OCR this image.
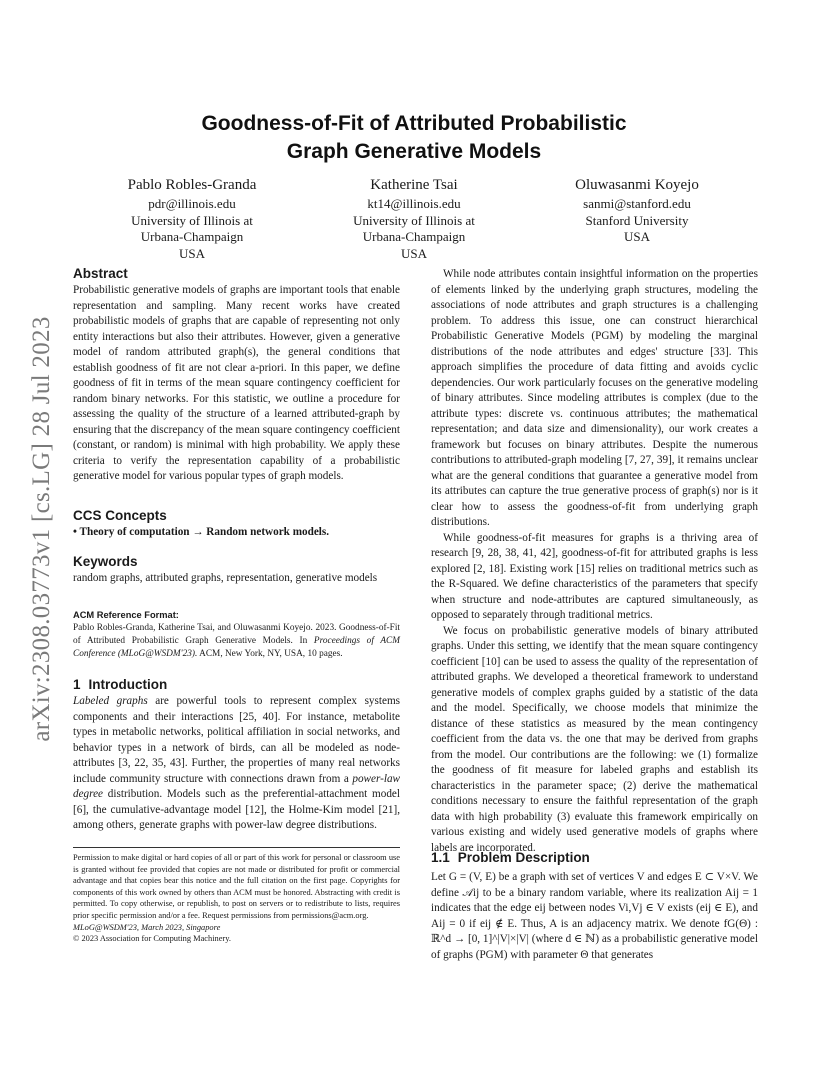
arXiv:2308.03773v1 [cs.LG] 28 Jul 2023
Goodness-of-Fit of Attributed Probabilistic
Graph Generative Models
Pablo Robles-Granda
pdr@illinois.edu
University of Illinois at
Urbana-Champaign
USA
Katherine Tsai
kt14@illinois.edu
University of Illinois at
Urbana-Champaign
USA
Oluwasanmi Koyejo
sanmi@stanford.edu
Stanford University
USA
Abstract

Probabilistic generative models of graphs are important tools that enable representation and sampling. Many recent works have created probabilistic models of graphs that are capable of representing not only entity interactions but also their attributes. However, given a generative model of random attributed graph(s), the general conditions that establish goodness of fit are not clear a-priori. In this paper, we define goodness of fit in terms of the mean square contingency coefficient for random binary networks. For this statistic, we outline a procedure for assessing the quality of the structure of a learned attributed-graph by ensuring that the discrepancy of the mean square contingency coefficient (constant, or random) is minimal with high probability. We apply these criteria to verify the representation capability of a probabilistic generative model for various popular types of graph models.

CCS Concepts

• Theory of computation → Random network models.

Keywords

random graphs, attributed graphs, representation, generative models

ACM Reference Format:

Pablo Robles-Granda, Katherine Tsai, and Oluwasanmi Koyejo. 2023. Goodness-of-Fit of Attributed Probabilistic Graph Generative Models. In Proceedings of ACM Conference (MLoG@WSDM'23). ACM, New York, NY, USA, 10 pages.

1 Introduction

Labeled graphs are powerful tools to represent complex systems components and their interactions [25, 40]. For instance, metabolite types in metabolic networks, political affiliation in social networks, and behavior types in a network of birds, can all be modeled as node-attributes [3, 22, 35, 43]. Further, the properties of many real networks include community structure with connections drawn from a power-law degree distribution. Models such as the preferential-attachment model [6], the cumulative-advantage model [12], the Holme-Kim model [21], among others, generate graphs with power-law degree distributions.

Permission to make digital or hard copies of all or part of this work for personal or classroom use is granted without fee provided that copies are not made or distributed for profit or commercial advantage and that copies bear this notice and the full citation on the first page. Copyrights for components of this work owned by others than ACM must be honored. Abstracting with credit is permitted. To copy otherwise, or republish, to post on servers or to redistribute to lists, requires prior specific permission and/or a fee. Request permissions from permissions@acm.org.

MLoG@WSDM'23, March 2023, Singapore

© 2023 Association for Computing Machinery.

While node attributes contain insightful information on the properties of elements linked by the underlying graph structures, modeling the associations of node attributes and graph structures is a challenging problem. To address this issue, one can construct hierarchical Probabilistic Generative Models (PGM) by modeling the marginal distributions of the node attributes and edges' structure [33]. This approach simplifies the procedure of data fitting and avoids cyclic dependencies. Our work particularly focuses on the generative modeling of binary attributes. Since modeling attributes is complex (due to the attribute types: discrete vs. continuous attributes; the mathematical representation; and data size and dimensionality), our work creates a framework but focuses on binary attributes. Despite the numerous contributions to attributed-graph modeling [7, 27, 39], it remains unclear what are the general conditions that guarantee a generative model from its attributes can capture the true generative process of graph(s) nor is it clear how to assess the goodness-of-fit from underlying graph distributions.

While goodness-of-fit measures for graphs is a thriving area of research [9, 28, 38, 41, 42], goodness-of-fit for attributed graphs is less explored [2, 18]. Existing work [15] relies on traditional metrics such as the R-Squared. We define characteristics of the parameters that specify when structure and node-attributes are captured simultaneously, as opposed to separately through traditional metrics.

We focus on probabilistic generative models of binary attributed graphs. Under this setting, we identify that the mean square contingency coefficient [10] can be used to assess the quality of the representation of attributed graphs. We developed a theoretical framework to understand generative models of complex graphs guided by a statistic of the data and the model. Specifically, we choose models that minimize the distance of these statistics as measured by the mean contingency coefficient from the data vs. the one that may be derived from graphs from the model. Our contributions are the following: we (1) formalize the goodness of fit measure for labeled graphs and establish its characteristics in the parameter space; (2) derive the mathematical conditions necessary to ensure the faithful representation of the graph data with high probability (3) evaluate this framework empirically on various existing and widely used generative models of graphs where labels are incorporated.

1.1 Problem Description

Let G = (V, E) be a graph with set of vertices V and edges E ⊂ V×V. We define 𝒜ij to be a binary random variable, where its realization Aij = 1 indicates that the edge eij between nodes Vi,Vj ∈ V exists (eij ∈ E), and Aij = 0 if eij ∉ E. Thus, A is an adjacency matrix. We denote fG(Θ) : ℝ^d → [0, 1]^|V|×|V| (where d ∈ ℕ) as a probabilistic generative model of graphs (PGM) with parameter Θ that generates
